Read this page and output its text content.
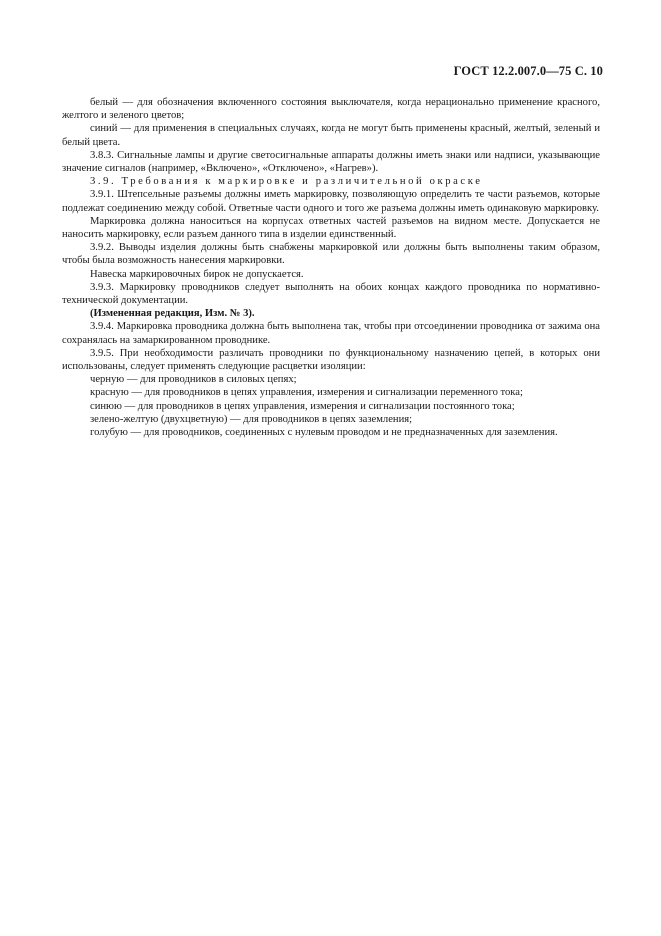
ГОСТ 12.2.007.0—75 С. 10

белый — для обозначения включенного состояния выключателя, когда нерационально применение красного, желтого и зеленого цветов;

синий — для применения в специальных случаях, когда не могут быть применены красный, желтый, зеленый и белый цвета.

3.8.3. Сигнальные лампы и другие светосигнальные аппараты должны иметь знаки или надписи, указывающие значение сигналов (например, «Включено», «Отключено», «Нагрев»).

3.9. Требования к маркировке и различительной окраске

3.9.1. Штепсельные разъемы должны иметь маркировку, позволяющую определить те части разъемов, которые подлежат соединению между собой. Ответные части одного и того же разъема должны иметь одинаковую маркировку.

Маркировка должна наноситься на корпусах ответных частей разъемов на видном месте. Допускается не наносить маркировку, если разъем данного типа в изделии единственный.

3.9.2. Выводы изделия должны быть снабжены маркировкой или должны быть выполнены таким образом, чтобы была возможность нанесения маркировки.

Навеска маркировочных бирок не допускается.

3.9.3. Маркировку проводников следует выполнять на обоих концах каждого проводника по нормативно-технической документации.

(Измененная редакция, Изм. № 3).

3.9.4. Маркировка проводника должна быть выполнена так, чтобы при отсоединении проводника от зажима она сохранялась на замаркированном проводнике.

3.9.5. При необходимости различать проводники по функциональному назначению цепей, в которых они использованы, следует применять следующие расцветки изоляции:

черную — для проводников в силовых цепях;

красную — для проводников в цепях управления, измерения и сигнализации переменного тока;

синюю — для проводников в цепях управления, измерения и сигнализации постоянного тока;

зелено-желтую (двухцветную) — для проводников в цепях заземления;

голубую — для проводников, соединенных с нулевым проводом и не предназначенных для заземления.
